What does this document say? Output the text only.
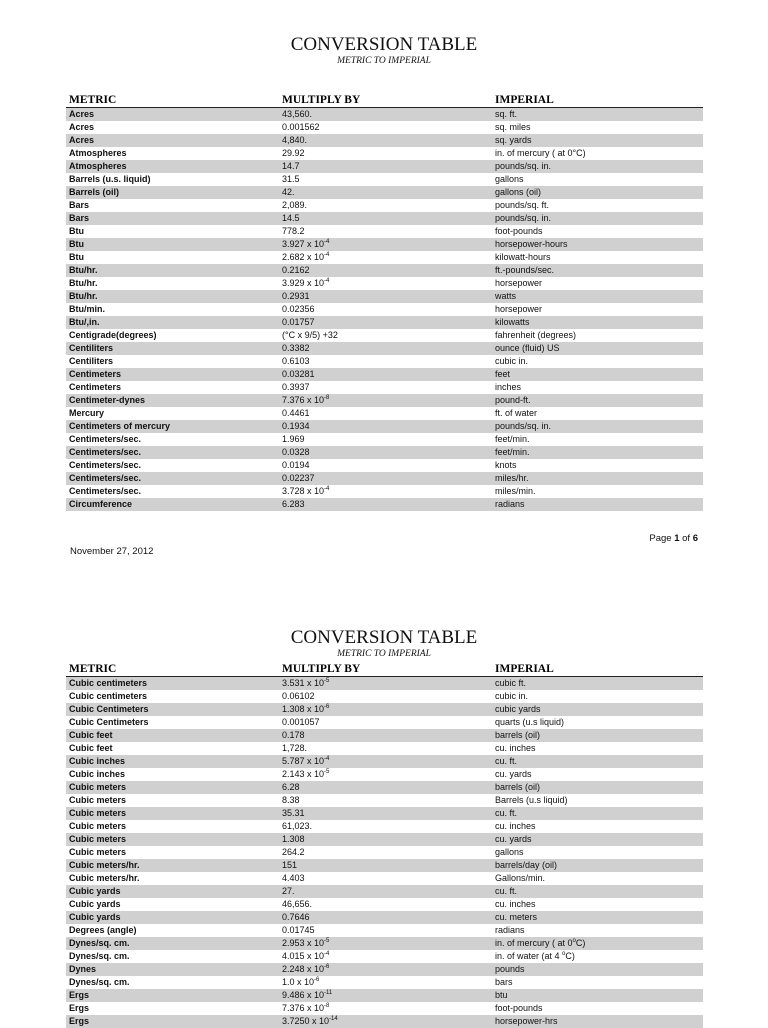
CONVERSION TABLE
METRIC TO IMPERIAL
METRIC	MULTIPLY BY	IMPERIAL
Acres	43,560.	sq. ft.
Acres	0.001562	sq. miles
Acres	4,840.	sq. yards
Atmospheres	29.92	in. of mercury ( at 0°C)
Atmospheres	14.7	pounds/sq. in.
Barrels (u.s. liquid)	31.5	gallons
Barrels (oil)	42.	gallons (oil)
Bars	2,089.	pounds/sq. ft.
Bars	14.5	pounds/sq. in.
Btu	778.2	foot-pounds
Btu	3.927 x $10^{-4}$	horsepower-hours
Btu	2.682 x $10^{-4}$	kilowatt-hours
Btu/hr.	0.2162	ft.-pounds/sec.
Btu/hr.	3.929 x $10^{-4}$	horsepower
Btu/hr.	0.2931	watts
Btu/min.	0.02356	horsepower
Btu/,in.	0.01757	kilowatts
Centigrade(degrees)	(°C x 9/5) +32	fahrenheit (degrees)
Centiliters	0.3382	ounce (fluid) US
Centiliters	0.6103	cubic in.
Centimeters	0.03281	feet
Centimeters	0.3937	inches
Centimeter-dynes	7.376 x $10^{-8}$	pound-ft.
Mercury	0.4461	ft. of water
Centimeters of mercury	0.1934	pounds/sq. in.
Centimeters/sec.	1.969	feet/min.
Centimeters/sec.	0.0328	feet/min.
Centimeters/sec.	0.0194	knots
Centimeters/sec.	0.02237	miles/hr.
Centimeters/sec.	3.728 x $10^{-4}$	miles/min.
Circumference	6.283	radians
Page 1 of 6
November 27, 2012
CONVERSION TABLE
METRIC TO IMPERIAL
METRIC	MULTIPLY BY	IMPERIAL
Cubic centimeters	3.531 x $10^{-5}$	cubic ft.
Cubic centimeters	0.06102	cubic in.
Cubic Centimeters	1.308 x $10^{-6}$	cubic yards
Cubic Centimeters	0.001057	quarts (u.s liquid)
Cubic feet	0.178	barrels (oil)
Cubic feet	1,728.	cu. inches
Cubic inches	5.787 x $10^{-4}$	cu. ft.
Cubic inches	2.143 x $10^{-5}$	cu. yards
Cubic meters	6.28	barrels (oil)
Cubic meters	8.38	Barrels (u.s liquid)
Cubic meters	35.31	cu. ft.
Cubic meters	61,023.	cu. inches
Cubic meters	1.308	cu. yards
Cubic meters	264.2	gallons
Cubic meters/hr.	151	barrels/day (oil)
Cubic meters/hr.	4.403	Gallons/min.
Cubic yards	27.	cu. ft.
Cubic yards	46,656.	cu. inches
Cubic yards	0.7646	cu. meters
Degrees (angle)	0.01745	radians
Dynes/sq. cm.	2.953 x $10^{-5}$	in. of mercury ( at 0$^o$C)
Dynes/sq. cm.	4.015 x $10^{-4}$	in. of water (at 4 $^o$C)
Dynes	2.248 x $10^{-6}$	pounds
Dynes/sq. cm.	1.0 x $10^{-6}$	bars
Ergs	9.486 x $10^{-11}$	btu
Ergs	7.376 x $10^{-8}$	foot-pounds
Ergs	3.7250 x $10^{-14}$	horsepower-hrs
